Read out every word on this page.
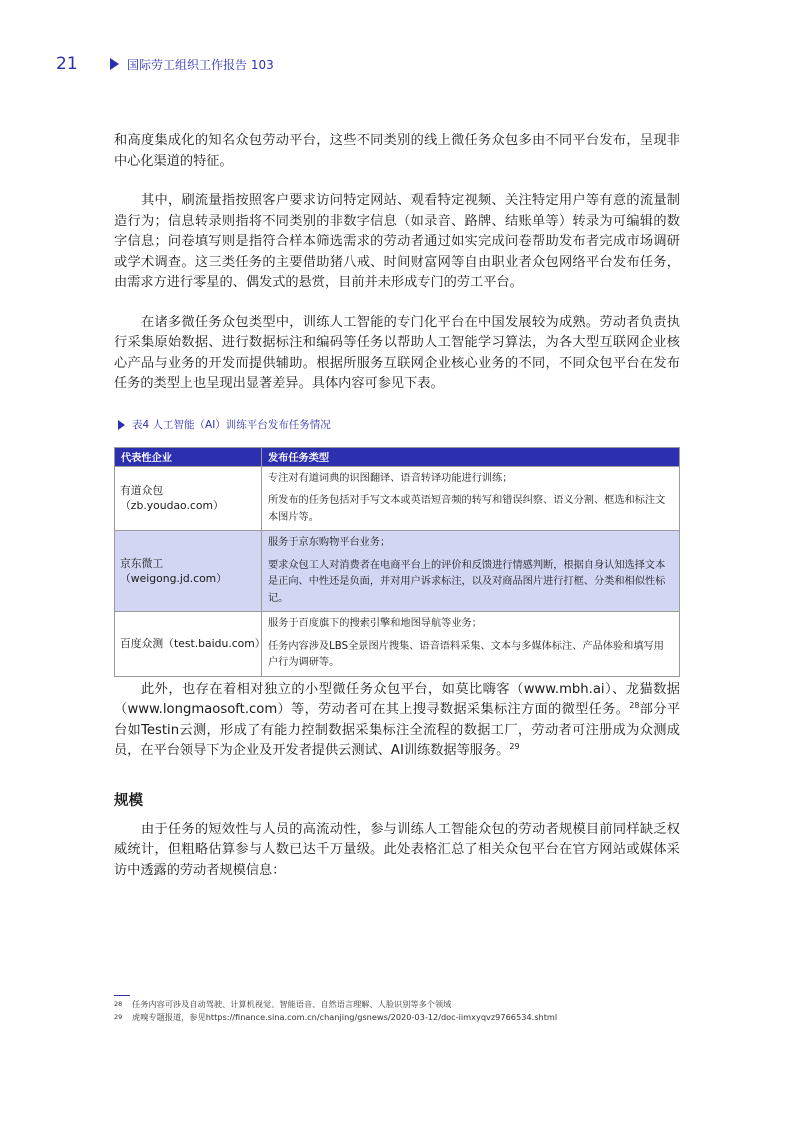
21	国际劳工组织工作报告 103

和高度集成化的知名众包劳动平台，这些不同类别的线上微任务众包多由不同平台发布，呈现非中心化渠道的特征。

其中，刷流量指按照客户要求访问特定网站、观看特定视频、关注特定用户等有意的流量制造行为；信息转录则指将不同类别的非数字信息（如录音、路牌、结账单等）转录为可编辑的数字信息；问卷填写则是指符合样本筛选需求的劳动者通过如实完成问卷帮助发布者完成市场调研或学术调查。这三类任务的主要借助猪八戒、时间财富网等自由职业者众包网络平台发布任务，由需求方进行零星的、偶发式的悬赏，目前并未形成专门的劳工平台。

在诸多微任务众包类型中，训练人工智能的专门化平台在中国发展较为成熟。劳动者负责执行采集原始数据、进行数据标注和编码等任务以帮助人工智能学习算法，为各大型互联网企业核心产品与业务的开发而提供辅助。根据所服务互联网企业核心业务的不同，不同众包平台在发布任务的类型上也呈现出显著差异。具体内容可参见下表。

表4 人工智能（AI）训练平台发布任务情况
代表性企业	发布任务类型
有道众包（zb.youdao.com）	专注对有道词典的识图翻译、语音转译功能进行训练；
所发布的任务包括对手写文本或英语短音频的转写和错误纠察、语义分割、框选和标注文本图片等。

京东微工（weigong.jd.com）	服务于京东购物平台业务；
要求众包工人对消费者在电商平台上的评价和反馈进行情感判断，根据自身认知选择文本是正向、中性还是负面，并对用户诉求标注，以及对商品图片进行打框、分类和相似性标记。

百度众测（test.baidu.com）	服务于百度旗下的搜索引擎和地图导航等业务；
任务内容涉及LBS全景图片搜集、语音语料采集、文本与多媒体标注、产品体验和填写用户行为调研等。

此外，也存在着相对独立的小型微任务众包平台，如莫比嗨客（www.mbh.ai）、龙猫数据（www.longmaosoft.com）等，劳动者可在其上搜寻数据采集标注方面的微型任务。$^{28}$部分平台如Testin云测，形成了有能力控制数据采集标注全流程的数据工厂，劳动者可注册成为众测成员，在平台领导下为企业及开发者提供云测试、AI训练数据等服务。$^{29}$

规模

由于任务的短效性与人员的高流动性，参与训练人工智能众包的劳动者规模目前同样缺乏权威统计，但粗略估算参与人数已达千万量级。此处表格汇总了相关众包平台在官方网站或媒体采访中透露的劳动者规模信息：

28	任务内容可涉及自动驾驶、计算机视觉、智能语音、自然语言理解、人脸识别等多个领域
29	虎嗅专题报道，参见https://finance.sina.com.cn/chanjing/gsnews/2020-03-12/doc-iimxyqvz9766534.shtml
